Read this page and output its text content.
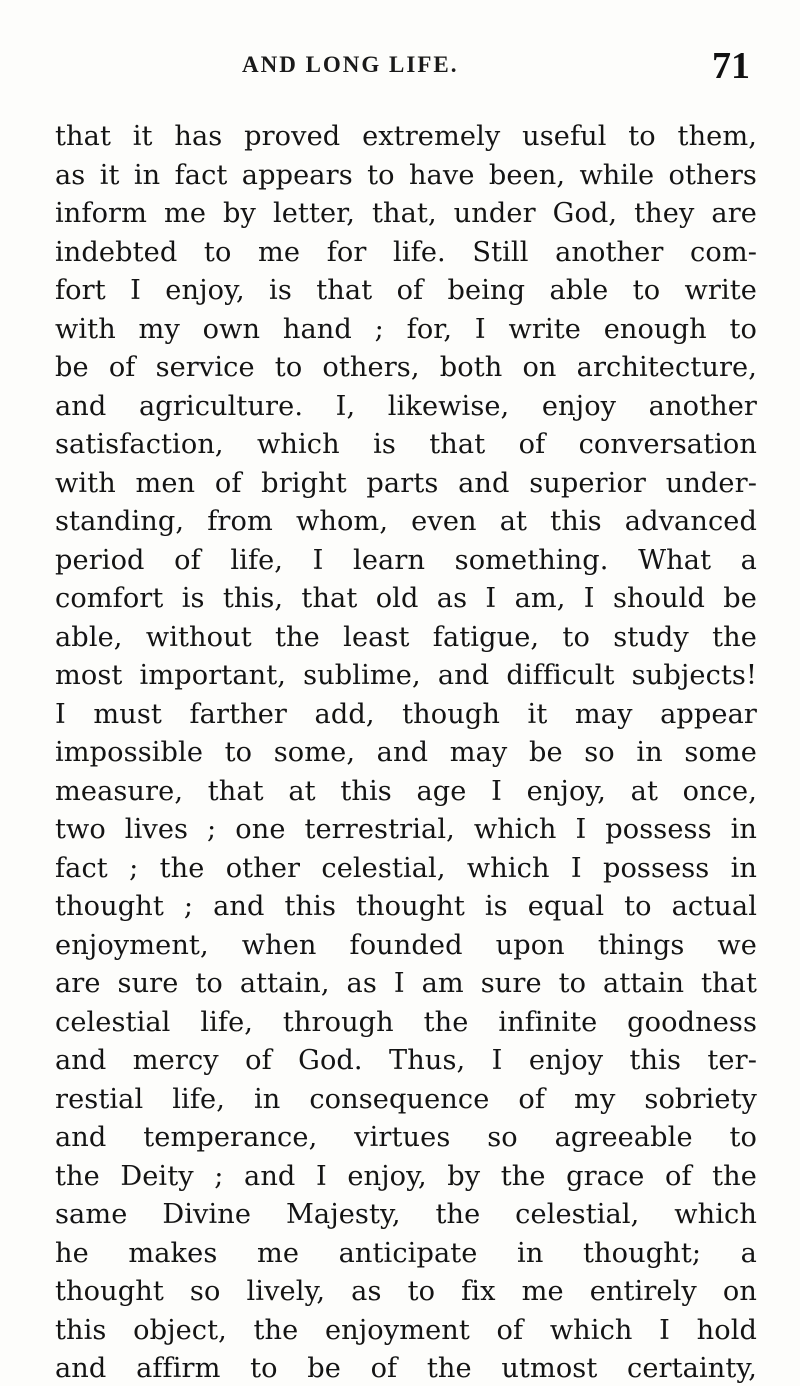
AND LONG LIFE.	71
that it has proved extremely useful to them,
as it in fact appears to have been, while others
inform me by letter, that, under God, they are
indebted to me for life. Still another com-
fort I enjoy, is that of being able to write
with my own hand ; for, I write enough to
be of service to others, both on architecture,
and agriculture. I, likewise, enjoy another
satisfaction, which is that of conversation
with men of bright parts and superior under-
standing, from whom, even at this advanced
period of life, I learn something. What a
comfort is this, that old as I am, I should be
able, without the least fatigue, to study the
most important, sublime, and difficult subjects!
I must farther add, though it may appear
impossible to some, and may be so in some
measure, that at this age I enjoy, at once,
two lives ; one terrestrial, which I possess in
fact ; the other celestial, which I possess in
thought ; and this thought is equal to actual
enjoyment, when founded upon things we
are sure to attain, as I am sure to attain that
celestial life, through the infinite goodness
and mercy of God. Thus, I enjoy this ter-
restial life, in consequence of my sobriety
and temperance, virtues so agreeable to
the Deity ; and I enjoy, by the grace of the
same Divine Majesty, the celestial, which
he makes me anticipate in thought; a
thought so lively, as to fix me entirely on
this object, the enjoyment of which I hold
and affirm to be of the utmost certainty,
